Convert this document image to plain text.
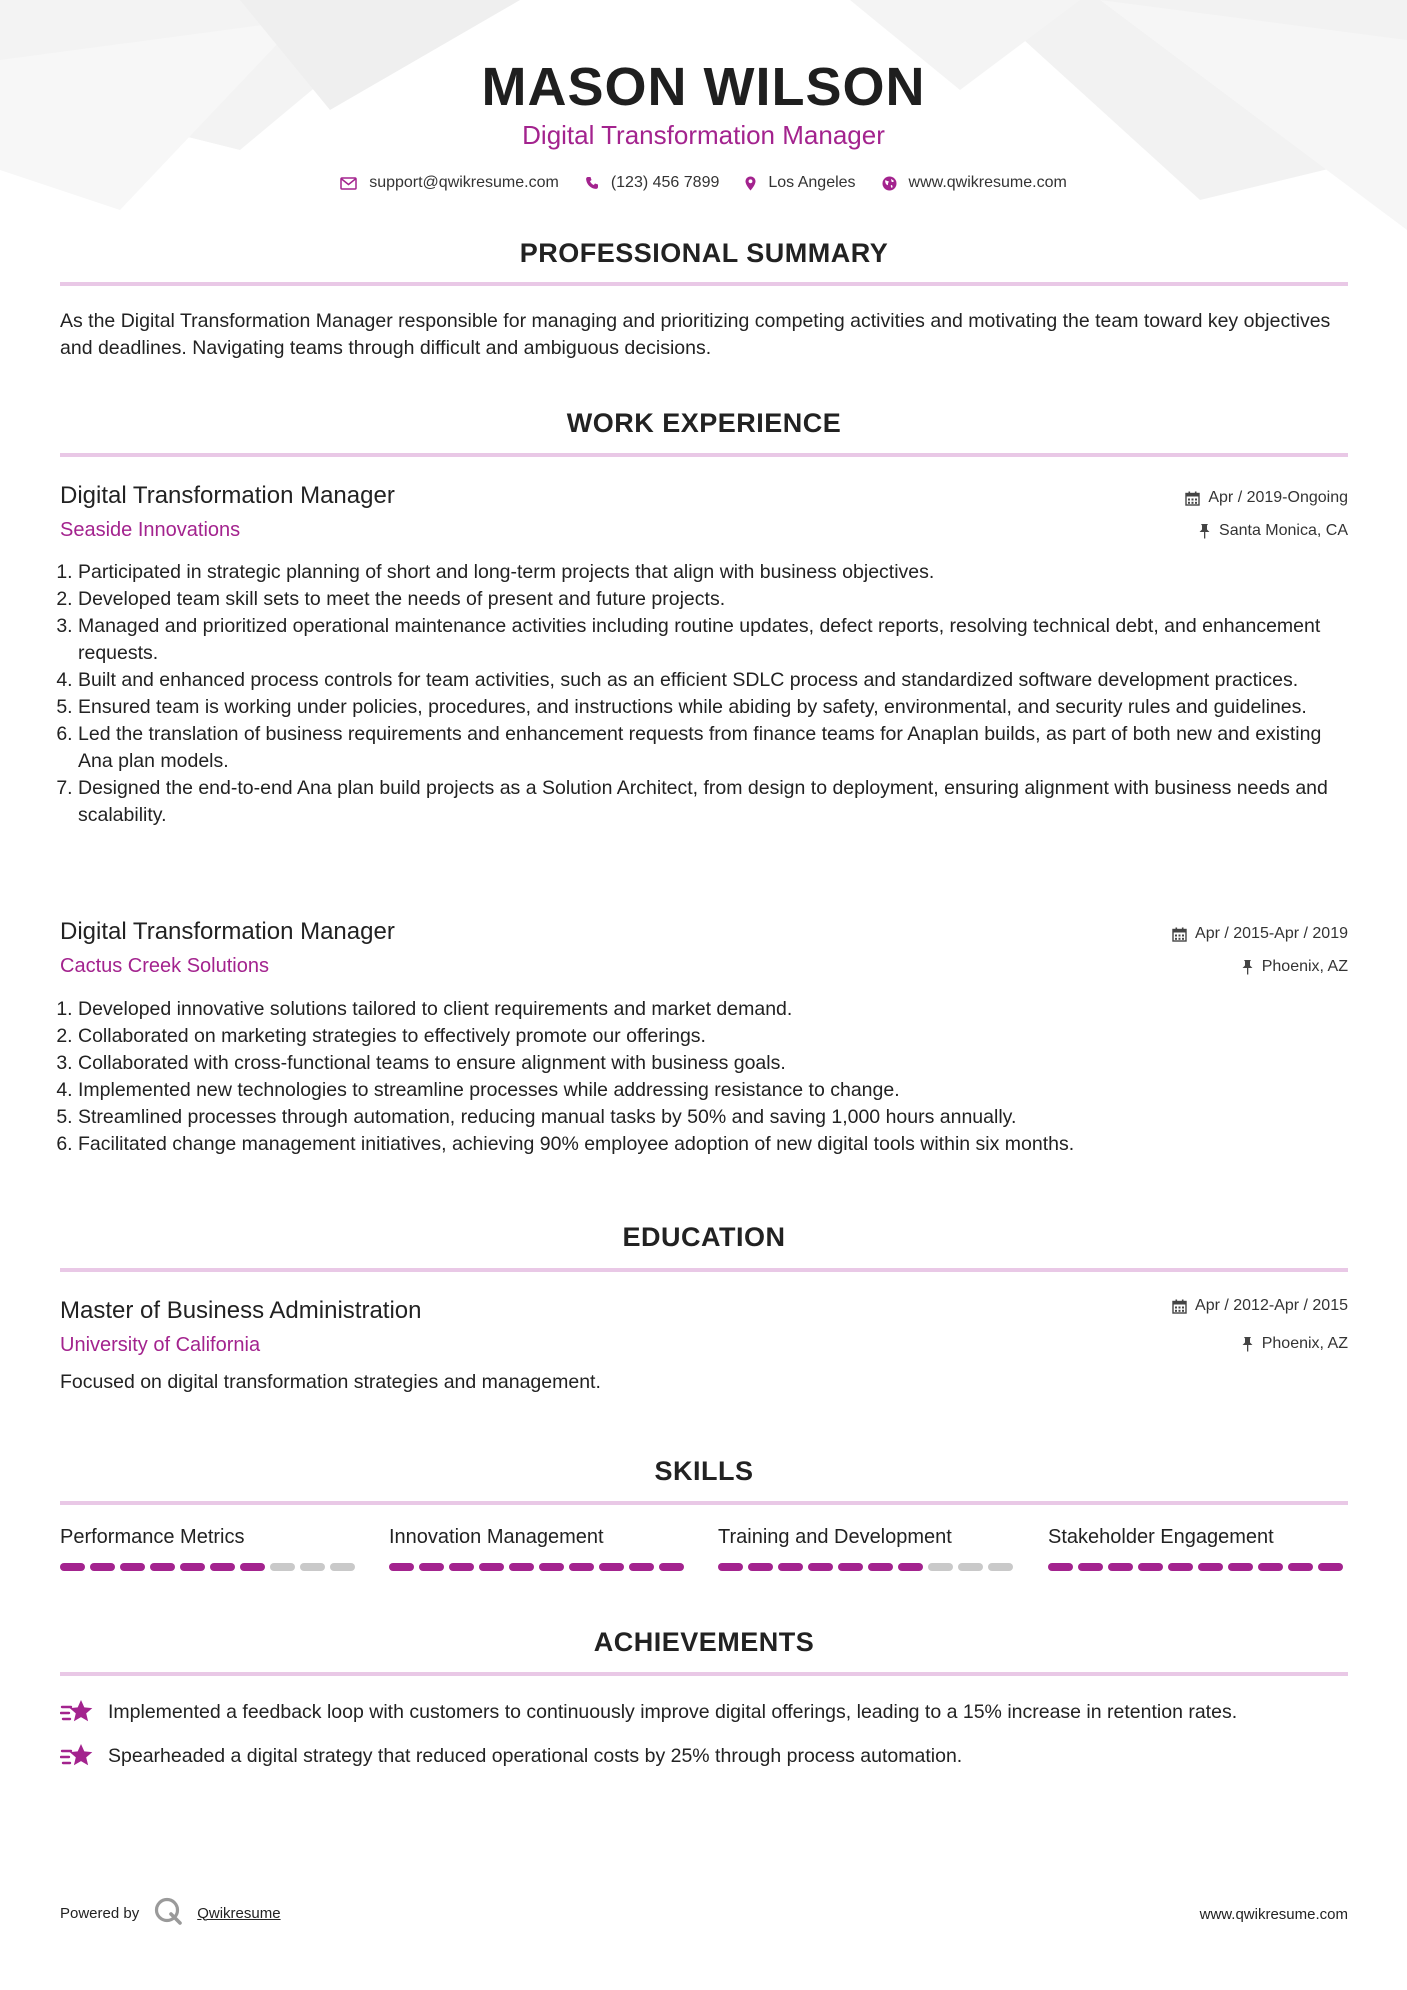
MASON WILSON
Digital Transformation Manager
support@qwikresume.com	(123) 456 7899	Los Angeles	www.qwikresume.com
PROFESSIONAL SUMMARY
As the Digital Transformation Manager responsible for managing and prioritizing competing activities and motivating the team toward key objectives and deadlines. Navigating teams through difficult and ambiguous decisions.
WORK EXPERIENCE
Digital Transformation Manager
Seaside Innovations
Apr / 2019-Ongoing
Santa Monica, CA
1. Participated in strategic planning of short and long-term projects that align with business objectives.
2. Developed team skill sets to meet the needs of present and future projects.
3. Managed and prioritized operational maintenance activities including routine updates, defect reports, resolving technical debt, and enhancement requests.
4. Built and enhanced process controls for team activities, such as an efficient SDLC process and standardized software development practices.
5. Ensured team is working under policies, procedures, and instructions while abiding by safety, environmental, and security rules and guidelines.
6. Led the translation of business requirements and enhancement requests from finance teams for Anaplan builds, as part of both new and existing Ana plan models.
7. Designed the end-to-end Ana plan build projects as a Solution Architect, from design to deployment, ensuring alignment with business needs and scalability.
Digital Transformation Manager
Cactus Creek Solutions
Apr / 2015-Apr / 2019
Phoenix, AZ
1. Developed innovative solutions tailored to client requirements and market demand.
2. Collaborated on marketing strategies to effectively promote our offerings.
3. Collaborated with cross-functional teams to ensure alignment with business goals.
4. Implemented new technologies to streamline processes while addressing resistance to change.
5. Streamlined processes through automation, reducing manual tasks by 50% and saving 1,000 hours annually.
6. Facilitated change management initiatives, achieving 90% employee adoption of new digital tools within six months.
EDUCATION
Master of Business Administration
University of California
Apr / 2012-Apr / 2015
Phoenix, AZ
Focused on digital transformation strategies and management.
SKILLS
Performance Metrics	Innovation Management	Training and Development	Stakeholder Engagement
ACHIEVEMENTS
Implemented a feedback loop with customers to continuously improve digital offerings, leading to a 15% increase in retention rates.
Spearheaded a digital strategy that reduced operational costs by 25% through process automation.
Powered by	Qwikresume	www.qwikresume.com
